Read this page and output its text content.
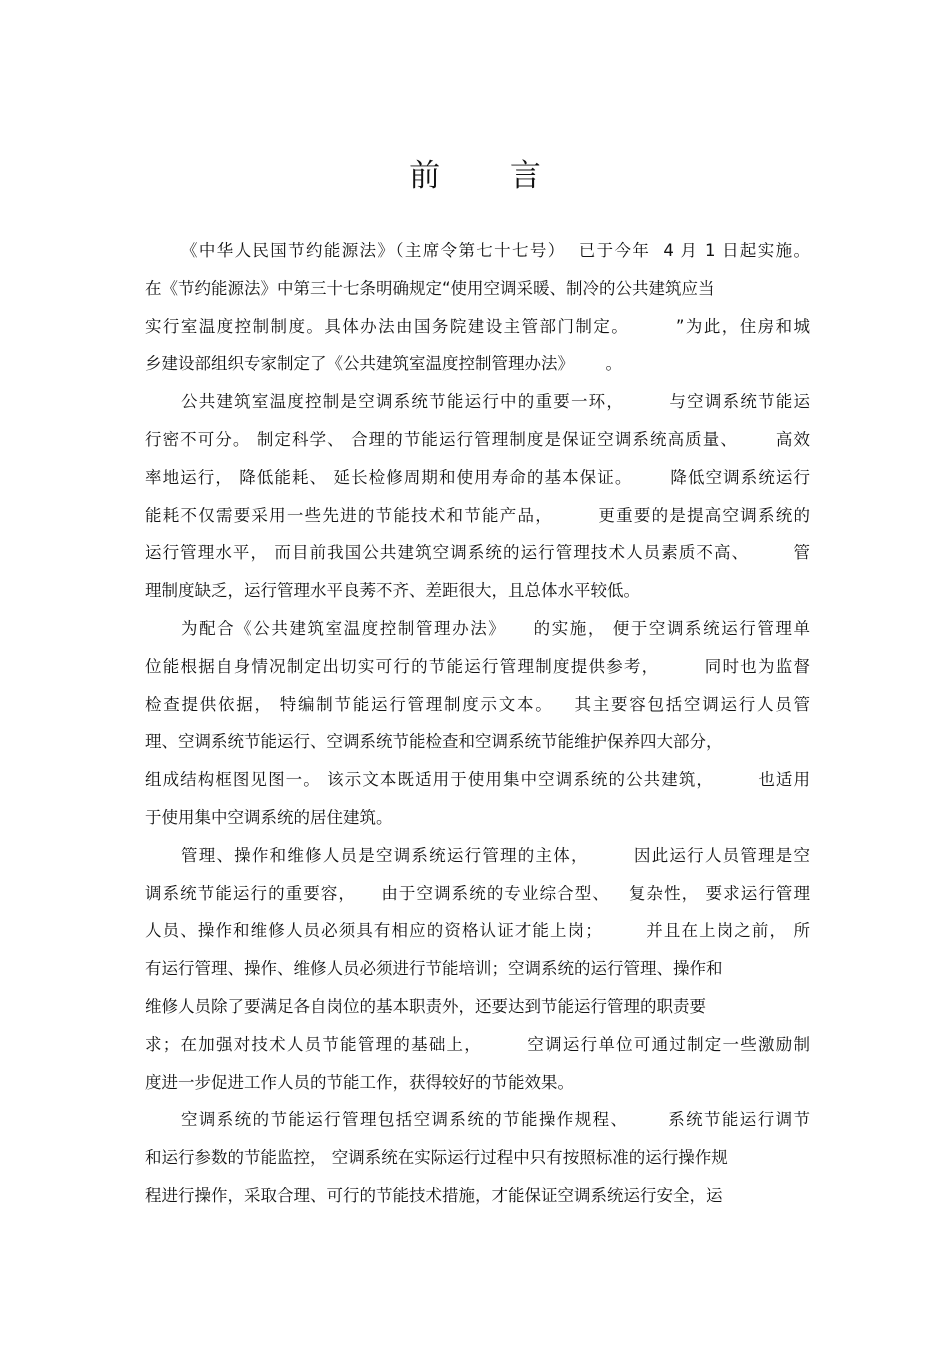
前 言

《中华人民国节约能源法》（主席令第七十七号）  已于今年  4 月 1 日起实施。

在《节约能源法》中第三十七条明确规定“使用空调采暖、制冷的公共建筑应当

实行室温度控制制度。具体办法由国务院建设主管部门制定。       ”为此，住房和城

乡建设部组织专家制定了《公共建筑室温度控制管理办法》      。

公共建筑室温度控制是空调系统节能运行中的重要一环，       与空调系统节能运

行密不可分。 制定科学、 合理的节能运行管理制度是保证空调系统高质量、      高效

率地运行， 降低能耗、 延长检修周期和使用寿命的基本保证。      降低空调系统运行

能耗不仅需要采用一些先进的节能技术和节能产品，       更重要的是提高空调系统的

运行管理水平， 而目前我国公共建筑空调系统的运行管理技术人员素质不高、       管

理制度缺乏，运行管理水平良莠不齐、差距很大，且总体水平较低。

为配合《公共建筑室温度控制管理办法》    的实施， 便于空调系统运行管理单

位能根据自身情况制定出切实可行的节能运行管理制度提供参考，       同时也为监督

检查提供依据， 特编制节能运行管理制度示文本。   其主要容包括空调运行人员管

理、空调系统节能运行、空调系统节能检查和空调系统节能维护保养四大部分，

组成结构框图见图一。 该示文本既适用于使用集中空调系统的公共建筑，       也适用

于使用集中空调系统的居住建筑。

管理、操作和维修人员是空调系统运行管理的主体，       因此运行人员管理是空

调系统节能运行的重要容，    由于空调系统的专业综合型、   复杂性， 要求运行管理

人员、操作和维修人员必须具有相应的资格认证才能上岗；       并且在上岗之前， 所

有运行管理、操作、维修人员必须进行节能培训；空调系统的运行管理、操作和

维修人员除了要满足各自岗位的基本职责外，还要达到节能运行管理的职责要

求；在加强对技术人员节能管理的基础上，       空调运行单位可通过制定一些激励制

度进一步促进工作人员的节能工作，获得较好的节能效果。

空调系统的节能运行管理包括空调系统的节能操作规程、      系统节能运行调节

和运行参数的节能监控， 空调系统在实际运行过程中只有按照标准的运行操作规

程进行操作，采取合理、可行的节能技术措施，才能保证空调系统运行安全，运
